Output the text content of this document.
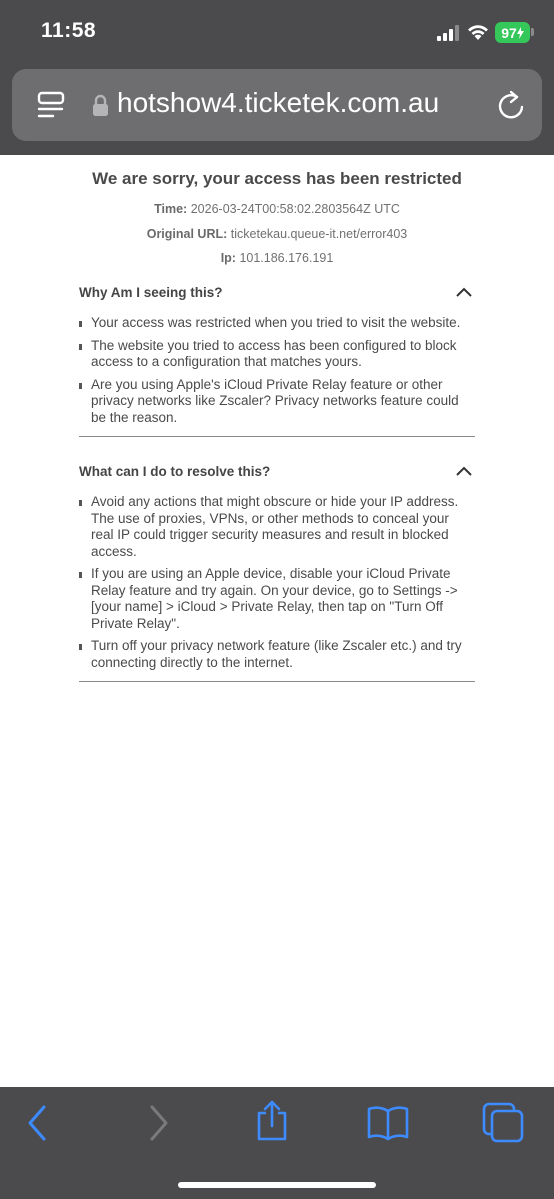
11:58	97
hotshow4.ticketek.com.au
We are sorry, your access has been restricted
Time: 2026-03-24T00:58:02.2803564Z UTC
Original URL: ticketekau.queue-it.net/error403
Ip: 101.186.176.191
Why Am I seeing this?
Your access was restricted when you tried to visit the website.
The website you tried to access has been configured to block access to a configuration that matches yours.
Are you using Apple's iCloud Private Relay feature or other privacy networks like Zscaler? Privacy networks feature could be the reason.
What can I do to resolve this?
Avoid any actions that might obscure or hide your IP address. The use of proxies, VPNs, or other methods to conceal your real IP could trigger security measures and result in blocked access.
If you are using an Apple device, disable your iCloud Private Relay feature and try again. On your device, go to Settings -> [your name] > iCloud > Private Relay, then tap on "Turn Off Private Relay".
Turn off your privacy network feature (like Zscaler etc.) and try connecting directly to the internet.
